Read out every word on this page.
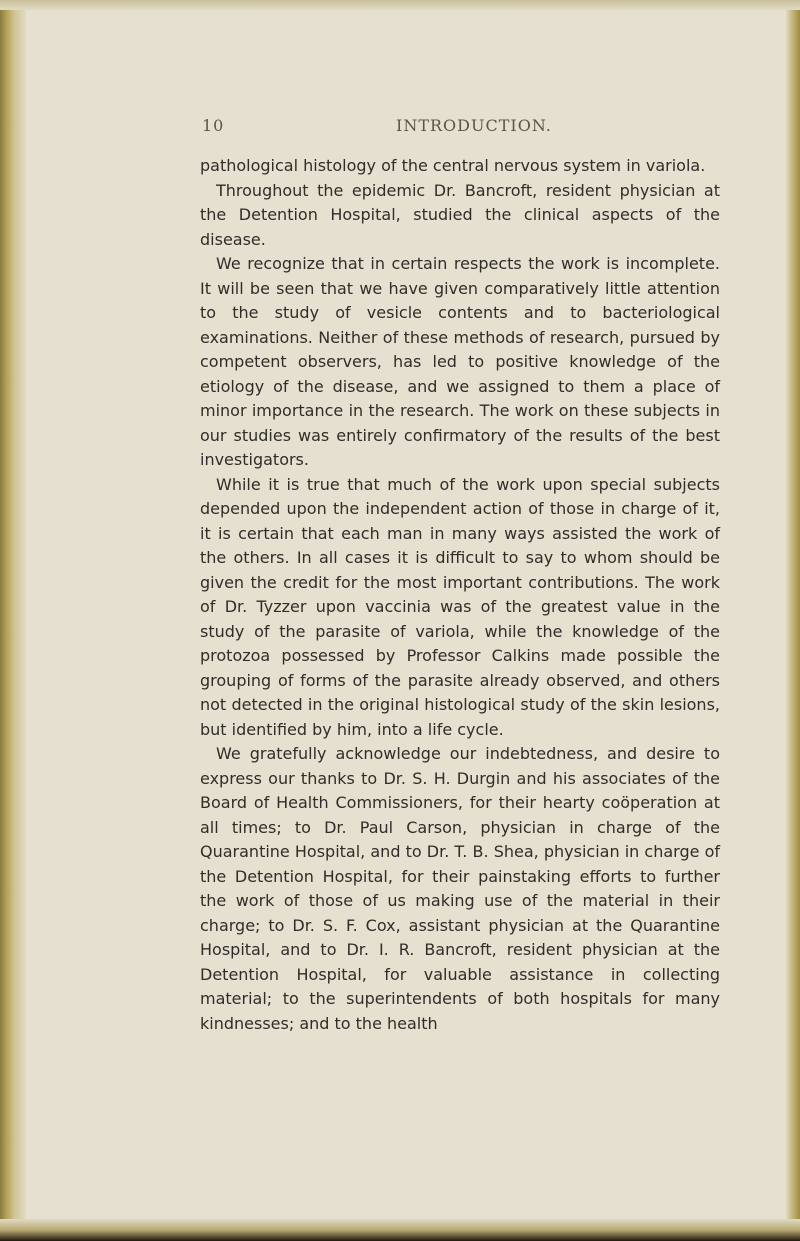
10	INTRODUCTION.

pathological histology of the central nervous system in variola.

Throughout the epidemic Dr. Bancroft, resident physician at the Detention Hospital, studied the clinical aspects of the disease.

We recognize that in certain respects the work is incomplete. It will be seen that we have given comparatively little attention to the study of vesicle contents and to bacteriological examinations. Neither of these methods of research, pursued by competent observers, has led to positive knowledge of the etiology of the disease, and we assigned to them a place of minor importance in the research. The work on these subjects in our studies was entirely confirmatory of the results of the best investigators.

While it is true that much of the work upon special subjects depended upon the independent action of those in charge of it, it is certain that each man in many ways assisted the work of the others. In all cases it is difficult to say to whom should be given the credit for the most important contributions. The work of Dr. Tyzzer upon vaccinia was of the greatest value in the study of the parasite of variola, while the knowledge of the protozoa possessed by Professor Calkins made possible the grouping of forms of the parasite already observed, and others not detected in the original histological study of the skin lesions, but identified by him, into a life cycle.

We gratefully acknowledge our indebtedness, and desire to express our thanks to Dr. S. H. Durgin and his associates of the Board of Health Commissioners, for their hearty coöperation at all times; to Dr. Paul Carson, physician in charge of the Quarantine Hospital, and to Dr. T. B. Shea, physician in charge of the Detention Hospital, for their painstaking efforts to further the work of those of us making use of the material in their charge; to Dr. S. F. Cox, assistant physician at the Quarantine Hospital, and to Dr. I. R. Bancroft, resident physician at the Detention Hospital, for valuable assistance in collecting material; to the superintendents of both hospitals for many kindnesses; and to the health
